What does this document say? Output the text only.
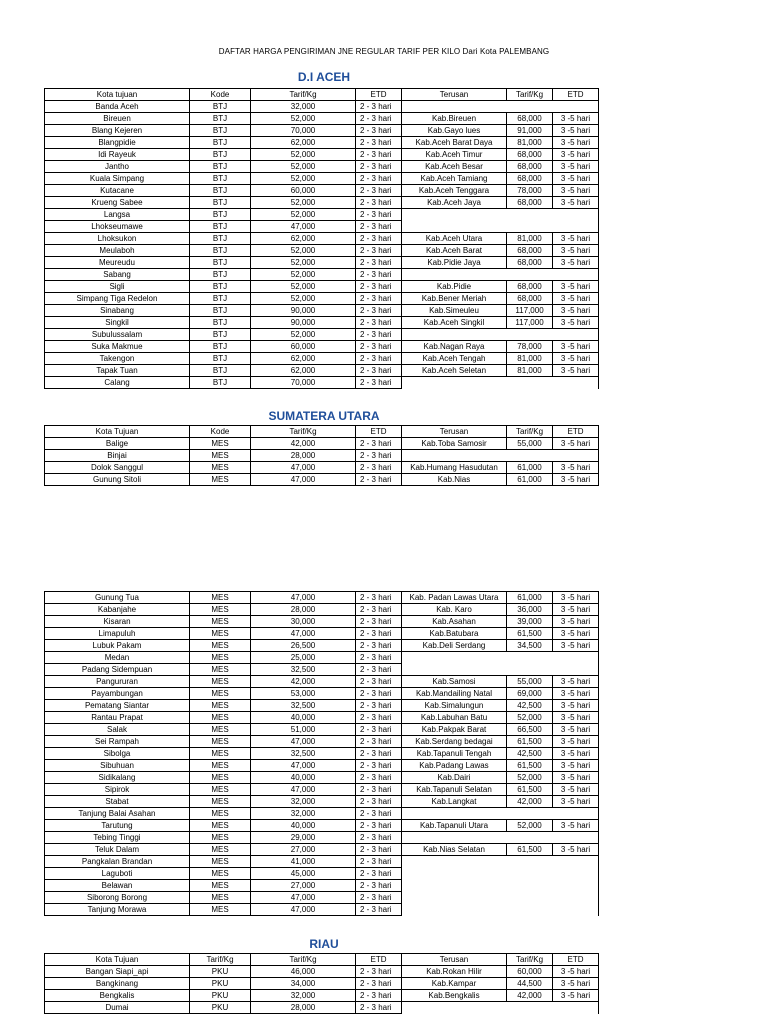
DAFTAR HARGA PENGIRIMAN JNE REGULAR TARIF PER KILO Dari Kota PALEMBANG
D.I ACEH
Kota tujuan	Kode	Tarif/Kg	ETD	Terusan	Tarif/Kg	ETD
Banda Aceh	BTJ	32,000	2 - 3 hari			
Bireuen	BTJ	52,000	2 - 3 hari	Kab.Bireuen	68,000	3 -5 hari
Blang Kejeren	BTJ	70,000	2 - 3 hari	Kab.Gayo lues	91,000	3 -5 hari
Blangpidie	BTJ	62,000	2 - 3 hari	Kab.Aceh Barat Daya	81,000	3 -5 hari
Idi Rayeuk	BTJ	52,000	2 - 3 hari	Kab.Aceh Timur	68,000	3 -5 hari
Jantho	BTJ	52,000	2 - 3 hari	Kab.Aceh Besar	68,000	3 -5 hari
Kuala Simpang	BTJ	52,000	2 - 3 hari	Kab.Aceh Tamiang	68,000	3 -5 hari
Kutacane	BTJ	60,000	2 - 3 hari	Kab.Aceh Tenggara	78,000	3 -5 hari
Krueng Sabee	BTJ	52,000	2 - 3 hari	Kab.Aceh Jaya	68,000	3 -5 hari
Langsa	BTJ	52,000	2 - 3 hari			
Lhokseumawe	BTJ	47,000	2 - 3 hari			
Lhoksukon	BTJ	62,000	2 - 3 hari	Kab.Aceh Utara	81,000	3 -5 hari
Meulaboh	BTJ	52,000	2 - 3 hari	Kab.Aceh Barat	68,000	3 -5 hari
Meureudu	BTJ	52,000	2 - 3 hari	Kab.Pidie Jaya	68,000	3 -5 hari
Sabang	BTJ	52,000	2 - 3 hari			
Sigli	BTJ	52,000	2 - 3 hari	Kab.Pidie	68,000	3 -5 hari
Simpang Tiga Redelon	BTJ	52,000	2 - 3 hari	Kab.Bener Meriah	68,000	3 -5 hari
Sinabang	BTJ	90,000	2 - 3 hari	Kab.Simeuleu	117,000	3 -5 hari
Singkil	BTJ	90,000	2 - 3 hari	Kab.Aceh Singkil	117,000	3 -5 hari
Subulussalam	BTJ	52,000	2 - 3 hari			
Suka Makmue	BTJ	60,000	2 - 3 hari	Kab.Nagan Raya	78,000	3 -5 hari
Takengon	BTJ	62,000	2 - 3 hari	Kab.Aceh Tengah	81,000	3 -5 hari
Tapak Tuan	BTJ	62,000	2 - 3 hari	Kab.Aceh Seletan	81,000	3 -5 hari
Calang	BTJ	70,000	2 - 3 hari			
SUMATERA UTARA
Kota Tujuan	Kode	Tarif/Kg	ETD	Terusan	Tarif/Kg	ETD
Balige	MES	42,000	2 - 3 hari	Kab.Toba Samosir	55,000	3 -5 hari
Binjai	MES	28,000	2 - 3 hari			
Dolok Sanggul	MES	47,000	2 - 3 hari	Kab.Humang Hasudutan	61,000	3 -5 hari
Gunung Sitoli	MES	47,000	2 - 3 hari	Kab.Nias	61,000	3 -5 hari
Gunung Tua	MES	47,000	2 - 3 hari	Kab. Padan Lawas Utara	61,000	3 -5 hari
Kabanjahe	MES	28,000	2 - 3 hari	Kab. Karo	36,000	3 -5 hari
Kisaran	MES	30,000	2 - 3 hari	Kab.Asahan	39,000	3 -5 hari
Limapuluh	MES	47,000	2 - 3 hari	Kab.Batubara	61,500	3 -5 hari
Lubuk Pakam	MES	26,500	2 - 3 hari	Kab.Deli Serdang	34,500	3 -5 hari
Medan	MES	25,000	2 - 3 hari			
Padang Sidempuan	MES	32,500	2 - 3 hari			
Pangururan	MES	42,000	2 - 3 hari	Kab.Samosi	55,000	3 -5 hari
Payambungan	MES	53,000	2 - 3 hari	Kab.Mandailing Natal	69,000	3 -5 hari
Pematang Siantar	MES	32,500	2 - 3 hari	Kab.Simalungun	42,500	3 -5 hari
Rantau Prapat	MES	40,000	2 - 3 hari	Kab.Labuhan Batu	52,000	3 -5 hari
Salak	MES	51,000	2 - 3 hari	Kab.Pakpak Barat	66,500	3 -5 hari
Sei Rampah	MES	47,000	2 - 3 hari	Kab.Serdang bedagai	61,500	3 -5 hari
Sibolga	MES	32,500	2 - 3 hari	Kab.Tapanuli Tengah	42,500	3 -5 hari
Sibuhuan	MES	47,000	2 - 3 hari	Kab.Padang Lawas	61,500	3 -5 hari
Sidikalang	MES	40,000	2 - 3 hari	Kab.Dairi	52,000	3 -5 hari
Sipirok	MES	47,000	2 - 3 hari	Kab.Tapanuli Selatan	61,500	3 -5 hari
Stabat	MES	32,000	2 - 3 hari	Kab.Langkat	42,000	3 -5 hari
Tanjung Balai Asahan	MES	32,000	2 - 3 hari			
Tarutung	MES	40,000	2 - 3 hari	Kab.Tapanuli Utara	52,000	3 -5 hari
Tebing Tinggi	MES	29,000	2 - 3 hari			
Teluk Dalam	MES	27,000	2 - 3 hari	Kab.Nias Selatan	61,500	3 -5 hari
Pangkalan Brandan	MES	41,000	2 - 3 hari			
Laguboti	MES	45,000	2 - 3 hari			
Belawan	MES	27,000	2 - 3 hari			
Siborong Borong	MES	47,000	2 - 3 hari			
Tanjung Morawa	MES	47,000	2 - 3 hari			
RIAU
Kota Tujuan	Tarif/Kg	Tarif/Kg	ETD	Terusan	Tarif/Kg	ETD
Bangan Siapi_api	PKU	46,000	2 - 3 hari	Kab.Rokan Hilir	60,000	3 -5 hari
Bangkinang	PKU	34,000	2 - 3 hari	Kab.Kampar	44,500	3 -5 hari
Bengkalis	PKU	32,000	2 - 3 hari	Kab.Bengkalis	42,000	3 -5 hari
Dumai	PKU	28,000	2 - 3 hari			
